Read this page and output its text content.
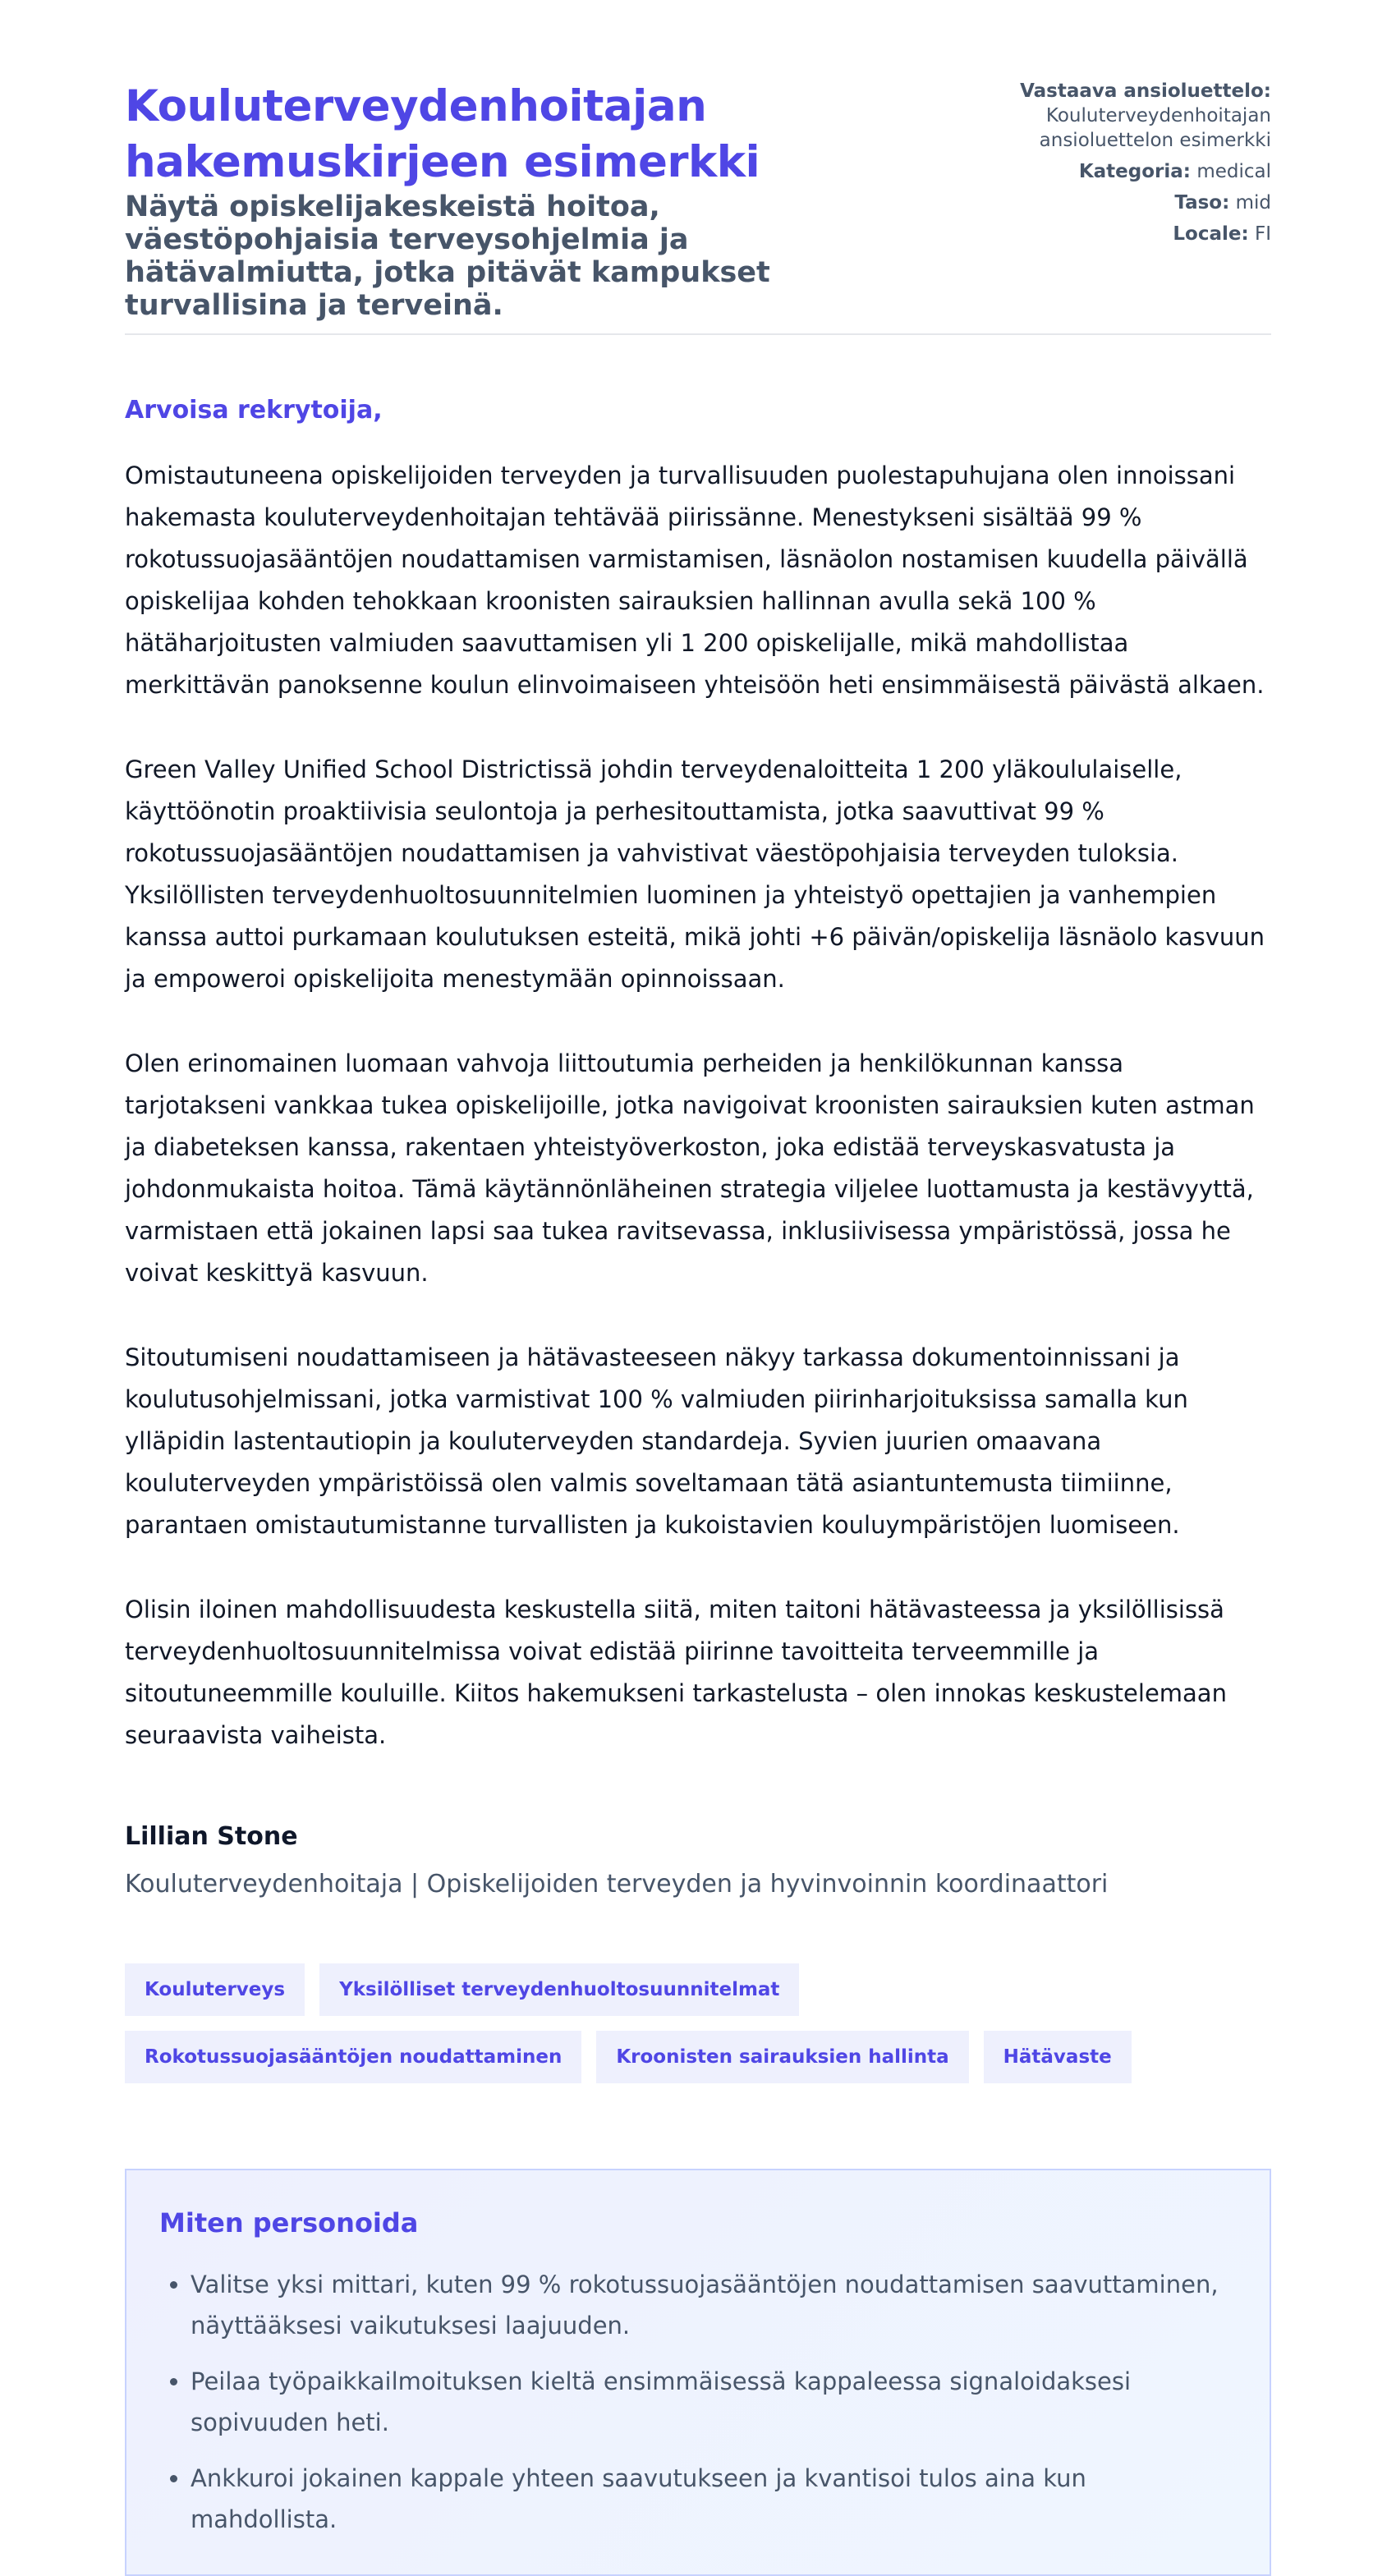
Kouluterveydenhoitajan hakemuskirjeen esimerkki

Näytä opiskelijakeskeistä hoitoa, väestöpohjaisia terveysohjelmia ja hätävalmiutta, jotka pitävät kampukset turvallisina ja terveinä.

Vastaava ansioluettelo:
Kouluterveydenhoitajan ansioluettelon esimerkki
Kategoria: medical
Taso: mid
Locale: FI

Arvoisa rekrytoija,

Omistautuneena opiskelijoiden terveyden ja turvallisuuden puolestapuhujana olen innoissani hakemasta kouluterveydenhoitajan tehtävää piirissänne. Menestykseni sisältää 99 % rokotussuojasääntöjen noudattamisen varmistamisen, läsnäolon nostamisen kuudella päivällä opiskelijaa kohden tehokkaan kroonisten sairauksien hallinnan avulla sekä 100 % hätäharjoitusten valmiuden saavuttamisen yli 1 200 opiskelijalle, mikä mahdollistaa merkittävän panoksenne koulun elinvoimaiseen yhteisöön heti ensimmäisestä päivästä alkaen.

Green Valley Unified School Districtissä johdin terveydenaloitteita 1 200 yläkoululaiselle, käyttöönotin proaktiivisia seulontoja ja perhesitouttamista, jotka saavuttivat 99 % rokotussuojasääntöjen noudattamisen ja vahvistivat väestöpohjaisia terveyden tuloksia. Yksilöllisten terveydenhuoltosuunnitelmien luominen ja yhteistyö opettajien ja vanhempien kanssa auttoi purkamaan koulutuksen esteitä, mikä johti +6 päivän/opiskelija läsnäolo kasvuun ja empoweroi opiskelijoita menestymään opinnoissaan.

Olen erinomainen luomaan vahvoja liittoutumia perheiden ja henkilökunnan kanssa tarjotakseni vankkaa tukea opiskelijoille, jotka navigoivat kroonisten sairauksien kuten astman ja diabeteksen kanssa, rakentaen yhteistyöverkoston, joka edistää terveyskasvatusta ja johdonmukaista hoitoa. Tämä käytännönläheinen strategia viljelee luottamusta ja kestävyyttä, varmistaen että jokainen lapsi saa tukea ravitsevassa, inklusiivisessa ympäristössä, jossa he voivat keskittyä kasvuun.

Sitoutumiseni noudattamiseen ja hätävasteeseen näkyy tarkassa dokumentoinnissani ja koulutusohjelmissani, jotka varmistivat 100 % valmiuden piirinharjoituksissa samalla kun ylläpidin lastentautiopin ja kouluterveyden standardeja. Syvien juurien omaavana kouluterveyden ympäristöissä olen valmis soveltamaan tätä asiantuntemusta tiimiinne, parantaen omistautumistanne turvallisten ja kukoistavien kouluympäristöjen luomiseen.

Olisin iloinen mahdollisuudesta keskustella siitä, miten taitoni hätävasteessa ja yksilöllisissä terveydenhuoltosuunnitelmissa voivat edistää piirinne tavoitteita terveemmille ja sitoutuneemmille kouluille. Kiitos hakemukseni tarkastelusta – olen innokas keskustelemaan seuraavista vaiheista.

Lillian Stone
Kouluterveydenhoitaja | Opiskelijoiden terveyden ja hyvinvoinnin koordinaattori
Kouluterveys	Yksilölliset terveydenhuoltosuunnitelmat
Rokotussuojasääntöjen noudattaminen	Kroonisten sairauksien hallinta	Hätävaste
Miten personoida
• Valitse yksi mittari, kuten 99 % rokotussuojasääntöjen noudattamisen saavuttaminen, näyttääksesi vaikutuksesi laajuuden.
• Peilaa työpaikkailmoituksen kieltä ensimmäisessä kappaleessa signaloidaksesi sopivuuden heti.
• Ankkuroi jokainen kappale yhteen saavutukseen ja kvantisoi tulos aina kun mahdollista.
